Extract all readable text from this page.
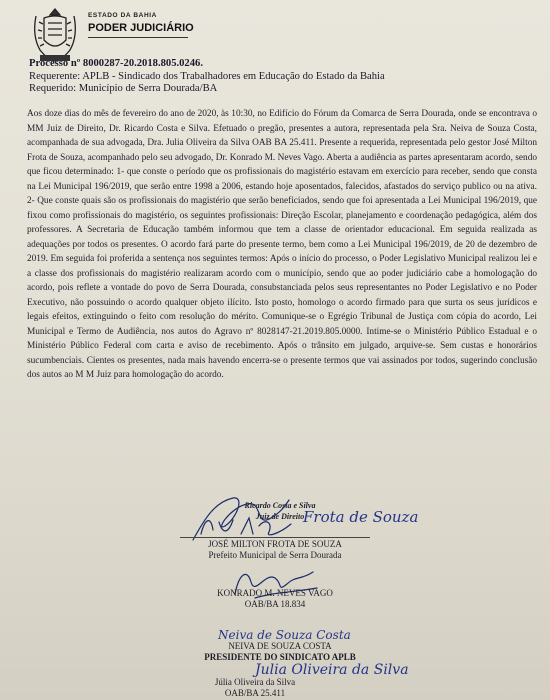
ESTADO DA BAHIA
PODER JUDICIÁRIO
Processo nº 8000287-20.2018.805.0246.
Requerente: APLB - Sindicado dos Trabalhadores em Educação do Estado da Bahia
Requerido: Município de Serra Dourada/BA
Aos doze dias do mês de fevereiro do ano de 2020, às 10:30, no Edifício do Fórum da Comarca de Serra Dourada, onde se encontrava o MM Juiz de Direito, Dr. Ricardo Costa e Silva. Efetuado o pregão, presentes a autora, representada pela Sra. Neiva de Souza Costa, acompanhada de sua advogada, Dra. Julia Oliveira da Silva OAB BA 25.411. Presente a requerida, representada pelo gestor José Milton Frota de Souza, acompanhado pelo seu advogado, Dr. Konrado M. Neves Vago. Aberta a audiência as partes apresentaram acordo, sendo que ficou determinado: 1- que conste o período que os profissionais do magistério estavam em exercício para receber, sendo que consta na Lei Municipal 196/2019, que serão entre 1998 a 2006, estando hoje aposentados, falecidos, afastados do serviço publico ou na ativa. 2- Que conste quais são os profissionais do magistério que serão beneficiados, sendo que foi apresentada a Lei Municipal 196/2019, que fixou como profissionais do magistério, os seguintes profissionais: Direção Escolar, planejamento e coordenação pedagógica, além dos professores. A Secretaria de Educação também informou que tem a classe de orientador educacional. Em seguida realizada as adequações por todos os presentes. O acordo fará parte do presente termo, bem como a Lei Municipal 196/2019, de 20 de dezembro de 2019. Em seguida foi proferida a sentença nos seguintes termos: Após o início do processo, o Poder Legislativo Municipal realizou lei e a classe dos profissionais do magistério realizaram acordo com o município, sendo que ao poder judiciário cabe a homologação do acordo, pois reflete a vontade do povo de Serra Dourada, consubstanciada pelos seus representantes no Poder Legislativo e no Poder Executivo, não possuindo o acordo qualquer objeto ilícito. Isto posto, homologo o acordo firmado para que surta os seus jurídicos e legais efeitos, extinguindo o feito com resolução do mérito. Comunique-se o Egrégio Tribunal de Justiça com cópia do acordo, Lei Municipal e Termo de Audiência, nos autos do Agravo nº 8028147-21.2019.805.0000. Intime-se o Ministério Público Estadual e o Ministério Público Federal com carta e aviso de recebimento. Após o trânsito em julgado, arquive-se. Sem custas e honorários sucumbenciais. Cientes os presentes, nada mais havendo encerra-se o presente termos que vai assinados por todos, sugerindo conclusão dos autos ao M M Juiz para homologação do acordo.
Ricardo Costa e Silva
Juiz de Direito
Frota de Souza
JOSÉ MILTON FROTA DE SOUZA
Prefeito Municipal de Serra Dourada
KONRADO M. NEVES VAGO
OAB/BA 18.834
Neiva de Souza Costa
NEIVA DE SOUZA COSTA
PRESIDENTE DO SINDICATO APLB
Julia Oliveira da Silva
Júlia Oliveira da Silva
OAB/BA 25.411
